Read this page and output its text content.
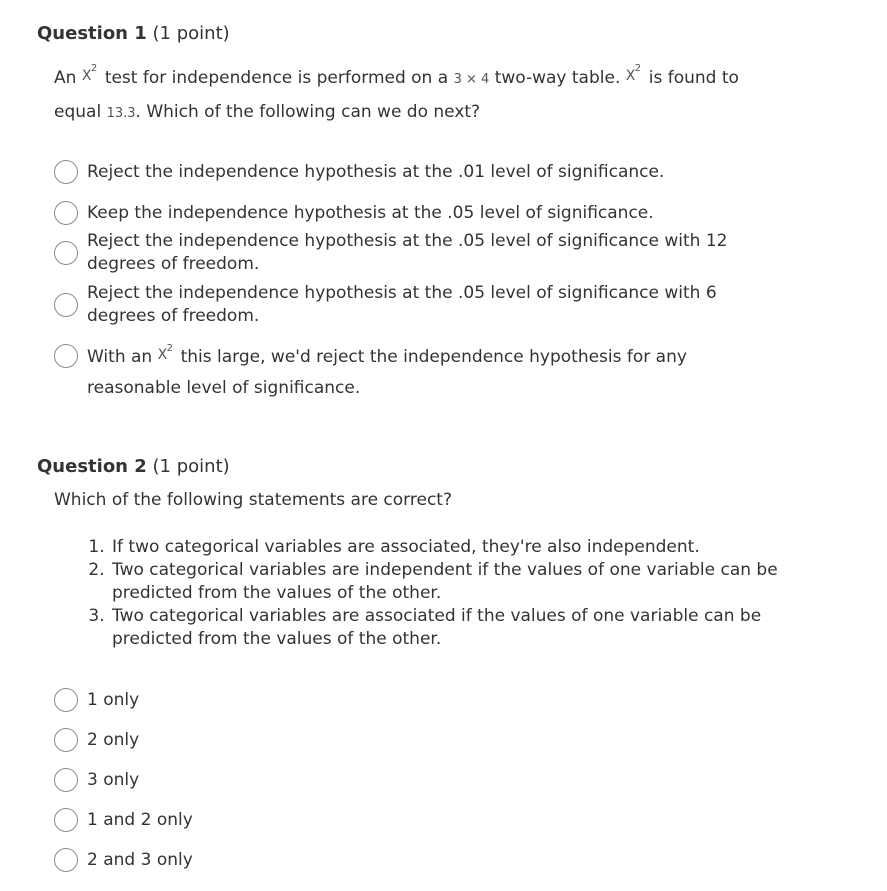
Question 1 (1 point)
An X 2 test for independence is performed on a 3 × 4 two-way table. X 2 is found to
equal 13.3. Which of the following can we do next?
Reject the independence hypothesis at the .01 level of significance.
Keep the independence hypothesis at the .05 level of significance.
Reject the independence hypothesis at the .05 level of significance with 12 degrees of freedom.
Reject the independence hypothesis at the .05 level of significance with 6 degrees of freedom.
With an X 2 this large, we'd reject the independence hypothesis for any reasonable level of significance.
Question 2 (1 point)
Which of the following statements are correct?
1. If two categorical variables are associated, they're also independent.
2. Two categorical variables are independent if the values of one variable can be predicted from the values of the other.
3. Two categorical variables are associated if the values of one variable can be predicted from the values of the other.
1 only
2 only
3 only
1 and 2 only
2 and 3 only
